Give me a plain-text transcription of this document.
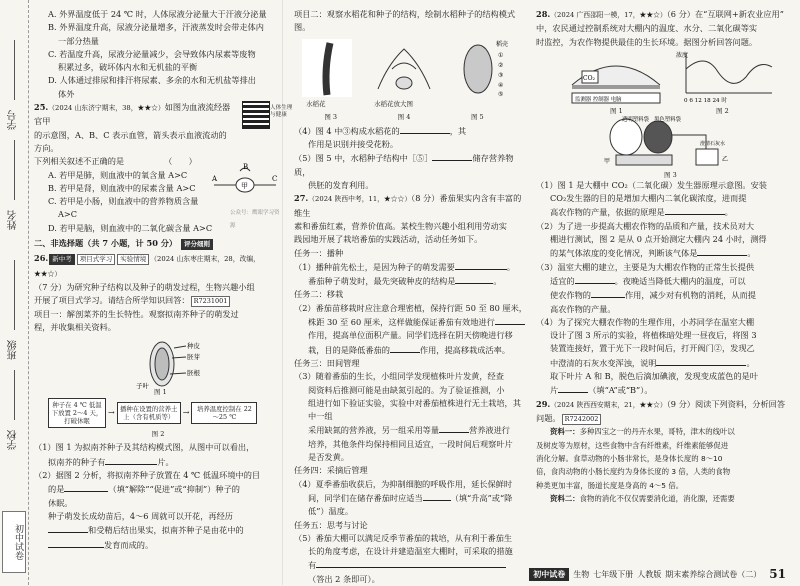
学号
姓名
班级
学校
初中试卷

A. 外界温度低于 24 ℃ 时，人体尿液分泌量大于汗液分泌量

B. 外界温度升高，尿液分泌量增多，汗液蒸发时会带走体内

一部分热量

C. 若温度升高，尿液分泌量减少，会导致体内尿素等废物

积累过多，破坏体内水和无机盐的平衡

D. 人体通过排尿和排汗将尿素、多余的水和无机盐等排出

体外

25.（2024 山东济宁期末，38，★★☆）如图为血液流经器官甲

的示意图，A、B、C 表示血管，箭头表示血液流动的方向。

下列相关叙述不正确的是	（　　）

人体生理
与健康

A. 若甲是肺，则血液中的氧含量 A>C

B. 若甲是肾，则血液中的尿素含量 A>C

C. 若甲是小肠，则血液中的营养物质含量

A>C

D. 若甲是脑，则血液中的二氧化碳含量 A>C

A
B
C
甲
公众号：鹰眼学习资源
二、非选择题（共 7 小题，计 50 分） 评分细则

26. 新中考 项目式学习 实验情境 （2024 山东枣庄期末，28，改编，★★☆）

（7 分）为研究种子结构以及种子的萌发过程，生物兴趣小组

开展了项目式学习。请结合所学知识回答： R7231001

项目一：解剖菜芥的生长特性。观察拟南芥种子的萌发过

程，并收集相关资料。

种皮
胚芽
胚根
子叶
图 1
种子在 4 ℃ 低温下放置 2～4 天，打破休眠
→ 播种在设置的营养土上（含有机质等）	→	培养温度控制在 22～25 ℃
图 2

（1）图 1 为拟南芥种子及其结构模式图，从图中可以看出，

拟南芥的种子有	片。

（2）据图 2 分析，将拟南芥种子放置在 4 ℃ 低温环境中的目

的是	（填“解除”“促进”或“抑制”）种子的

休眠。

种子萌发长成幼苗后，4～6 周就可以开花，再经历

和受精后结出果实，拟南芥种子是由花中的

发育而成的。

项目二：观察水稻花和种子的结构，绘制水稻种子的结构模式图。

水稻花	水稻花放大图
稻壳
①
②
③
④
⑤
图 3	图 4	图 5

（4）图 4 中③构成水稻花的	，其

作用是识别并接受花粉。

（5）图 5 中，水稻种子结构中［⑤］	储存营养物质，

供胚的发育利用。

27.（2024 陕西中考，11，★☆☆）（8 分）番茄果实内含有丰富的维生

素和番茄红素，营养价值高。某校生物兴趣小组利用劳动实

践园地开展了栽培番茄的实践活动，活动任务如下。

任务一：播种

（1）播种前先松土，是因为种子的萌发需要	。

番茄种子萌发时，最先突破种皮的结构是	。

任务二：移栽

（2）番茄苗移栽时应注意合理密植，保持行距 50 至 80 厘米，

株距 30 至 60 厘米，这样做能保证番茄有效地进行

作用，提高单位面积产量。同学们选择在阴天傍晚进行移

栽，目的是降低番茄的	作用，提高移栽成活率。

任务三：田间管理

（3）随着番茄的生长，小组同学发现植株叶片发黄，经查

阅资料后推测可能是由缺氮引起的。为了验证推测，小

组进行如下验证实验，实验中对番茄植株进行无土栽培，其中一组

采用缺氮的营养液，另一组采用等量	营养液进行

培养，其他条件均保持相同且适宜，一段时间后观察叶片

是否发黄。

任务四：采摘后管理

（4）夏季番茄收获后，为抑制细胞的呼吸作用，延长保鲜时

间，同学们在储存番茄时应适当	（填“升高”或“降

低”）温度。

任务五：思考与讨论

（5）番茄大棚可以满足反季节番茄的栽培，从有利于番茄生

长的角度考虑，在设计并建造温室大棚时，可采取的措施

有

（答出 2 条即可）。

28.（2024 广西邵阳一模，17，★★☆）（6 分）在“互联网+新农业应用”

中，农民通过控制系统对大棚内的温度、水分、二氧化碳等实

时监控，为农作物提供最佳的生长环境。据图分析回答问题。

CO₂
监测器 控制器 电脑
图 1
浓度
0 6 12 18 24 时
图 2
透明塑料袋 黑色塑料袋
澄清石灰水
甲	乙
图 3

（1）图 1 是大棚中 CO₂（二氧化碳）发生器原理示意图。安装

CO₂发生器的目的是增加大棚内二氧化碳浓度，进而提

高农作物的产量，依据的原理是	。

（2）为了进一步提高大棚农作物的品质和产量，技术员对大

棚进行测试，图 2 是从 0 点开始测定大棚内 24 小时，测得

的某气体浓度的变化情况，判断该气体是	。

（3）温室大棚的建立，主要是为大棚农作物的正常生长提供

适宜的	。夜晚适当降低大棚内的温度，可以

使农作物的	作用，减少对有机物的消耗，从而提

高农作物的产量。

（4）为了探究大棚农作物的生理作用，小苏同学在温室大棚

设计了图 3 所示的实验，将植株暗处理一昼夜后，将图 3

装置连接好，置于光下一段时间后，打开阀门②，发现乙

中澄清的石灰水变浑浊，说明	。

取下叶片 A 和 B，脱色后滴加碘液，发现变成蓝色的是叶

片	（填“A”或“B”）。

29.（2024 陕西西安期末，21，★★☆）（9 分）阅读下列资料，分析回答

问题。 R7242002

资料一：多种四宝之一的丹卉水果，哥特，津木的线叶以

及树皮等为原材，这些食物中含有纤维素，纤维素能够促进

消化分解。食草动物的小肠非常长，是身体长度的 8～10

倍，食肉动物的小肠长度约为身体长度的 3 倍，人类的食物

种类更加丰富，肠道长度是身高的 4～5 倍。

资料二：食物的消化不仅仅需要消化道，消化腺，还需要

初中试卷	生物 七年级下册 人教版 期末素养综合测试卷（二） 51
